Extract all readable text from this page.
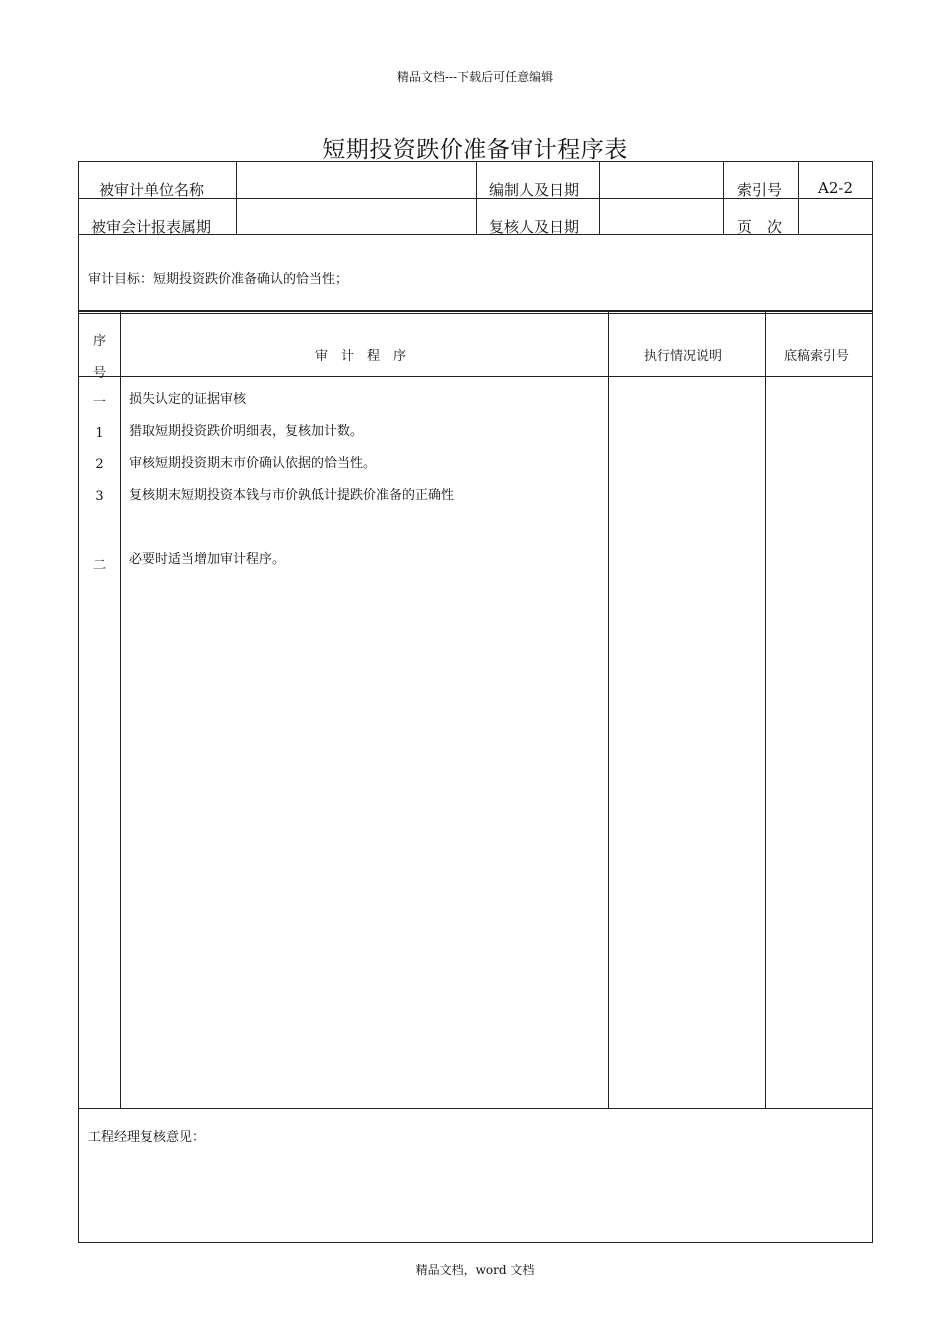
精品文档---下载后可任意编辑
短期投资跌价准备审计程序表
被审计单位名称	编制人及日期	索引号 A2-2
被审会计报表属期	复核人及日期	页　次
审计目标：短期投资跌价准备确认的恰当性；
序
号
审　计　程　序	执行情况说明	底稿索引号
一	损失认定的证据审核
1	猎取短期投资跌价明细表，复核加计数。
2	审核短期投资期末市价确认依据的恰当性。
3	复核期末短期投资本钱与市价孰低计提跌价准备的正确性
二	必要时适当增加审计程序。
工程经理复核意见：
精品文档，word 文档
